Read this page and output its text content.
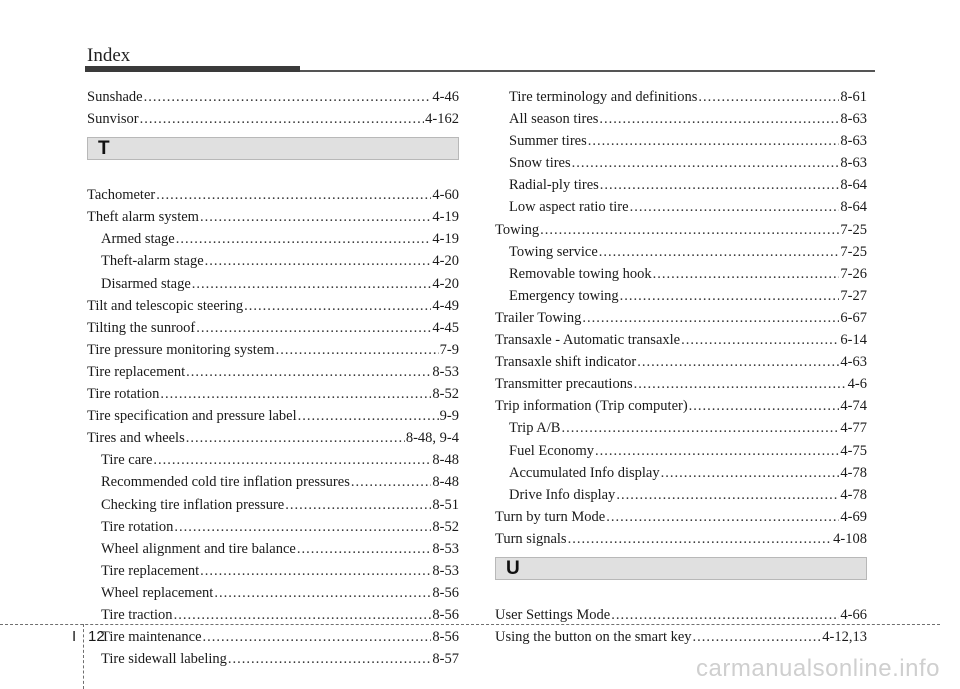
Index
Sunshade .....	4-46
Sunvisor .....	4-162
T
Tachometer .....	4-60
Theft alarm system .....	4-19
Armed stage .....	4-19
Theft-alarm stage .....	4-20
Disarmed stage .....	4-20
Tilt and telescopic steering .....	4-49
Tilting the sunroof .....	4-45
Tire pressure monitoring system .....	7-9
Tire replacement .....	8-53
Tire rotation .....	8-52
Tire specification and pressure label .....	9-9
Tires and wheels .....	8-48, 9-4
Tire care .....	8-48
Recommended cold tire inflation pressures .....	8-48
Checking tire inflation pressure .....	8-51
Tire rotation .....	8-52
Wheel alignment and tire balance .....	8-53
Tire replacement .....	8-53
Wheel replacement .....	8-56
Tire traction .....	8-56
Tire maintenance .....	8-56
Tire sidewall labeling .....	8-57
Tire terminology and definitions .....	8-61
All season tires .....	8-63
Summer tires .....	8-63
Snow tires .....	8-63
Radial-ply tires .....	8-64
Low aspect ratio tire .....	8-64
Towing .....	7-25
Towing service .....	7-25
Removable towing hook .....	7-26
Emergency towing .....	7-27
Trailer Towing .....	6-67
Transaxle - Automatic transaxle .....	6-14
Transaxle shift indicator .....	4-63
Transmitter precautions .....	4-6
Trip information (Trip computer) .....	4-74
Trip A/B .....	4-77
Fuel Economy .....	4-75
Accumulated Info display .....	4-78
Drive Info display .....	4-78
Turn by turn Mode .....	4-69
Turn signals .....	4-108
U
User Settings Mode .....	4-66
Using the button on the smart key .....	4-12,13
I 12
carmanualsonline.info
